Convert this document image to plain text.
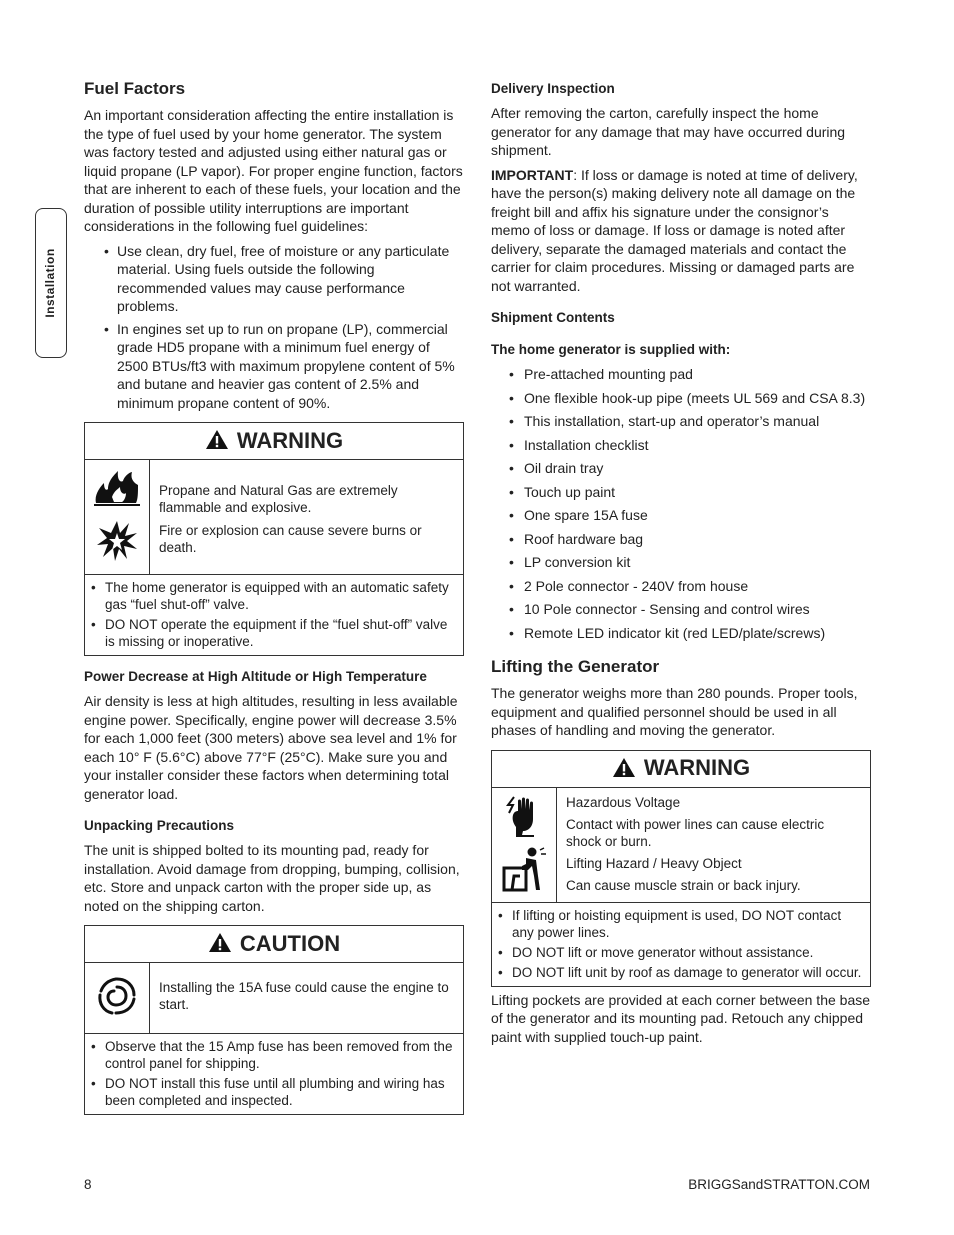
Installation
Fuel Factors

An important consideration affecting the entire installation is the type of fuel used by your home generator. The system was factory tested and adjusted using either natural gas or liquid propane (LP vapor). For proper engine function, factors that are inherent to each of these fuels, your location and the duration of possible utility interruptions are important considerations in the following fuel guidelines:

• Use clean, dry fuel, free of moisture or any particulate material. Using fuels outside the following recommended values may cause performance problems.
• In engines set up to run on propane (LP), commercial grade HD5 propane with a minimum fuel energy of 2500 BTUs/ft3 with maximum propylene content of 5% and butane and heavier gas content of 2.5% and minimum propane content of 90%.
WARNING

Propane and Natural Gas are extremely flammable and explosive.

Fire or explosion can cause severe burns or death.

• The home generator is equipped with an automatic safety gas “fuel shut-off” valve.
• DO NOT operate the equipment if the “fuel shut-off” valve is missing or inoperative.
Power Decrease at High Altitude or High Temperature

Air density is less at high altitudes, resulting in less available engine power. Specifically, engine power will decrease 3.5% for each 1,000 feet (300 meters) above sea level and 1% for each 10° F (5.6°C) above 77°F (25°C). Make sure you and your installer consider these factors when determining total generator load.

Unpacking Precautions

The unit is shipped bolted to its mounting pad, ready for installation. Avoid damage from dropping, bumping, collision, etc. Store and unpack carton with the proper side up, as noted on the shipping carton.

CAUTION

Installing the 15A fuse could cause the engine to start.

• Observe that the 15 Amp fuse has been removed from the control panel for shipping.
• DO NOT install this fuse until all plumbing and wiring has been completed and inspected.
Delivery Inspection

After removing the carton, carefully inspect the home generator for any damage that may have occurred during shipment.

IMPORTANT: If loss or damage is noted at time of delivery, have the person(s) making delivery note all damage on the freight bill and affix his signature under the consignor’s memo of loss or damage. If loss or damage is noted after delivery, separate the damaged materials and contact the carrier for claim procedures. Missing or damaged parts are not warranted.

Shipment Contents
The home generator is supplied with:
• Pre-attached mounting pad
• One flexible hook-up pipe (meets UL 569 and CSA 8.3)
• This installation, start-up and operator’s manual
• Installation checklist
• Oil drain tray
• Touch up paint
• One spare 15A fuse
• Roof hardware bag
• LP conversion kit
• 2 Pole connector - 240V from house
• 10 Pole connector - Sensing and control wires
• Remote LED indicator kit (red LED/plate/screws)
Lifting the Generator

The generator weighs more than 280 pounds. Proper tools, equipment and qualified personnel should be used in all phases of handling and moving the generator.

WARNING

Hazardous Voltage

Contact with power lines can cause electric shock or burn.

Lifting Hazard / Heavy Object

Can cause muscle strain or back injury.

• If lifting or hoisting equipment is used, DO NOT contact any power lines.
• DO NOT lift or move generator without assistance.
• DO NOT lift unit by roof as damage to generator will occur.

Lifting pockets are provided at each corner between the base of the generator and its mounting pad. Retouch any chipped paint with supplied touch-up paint.

8	BRIGGSandSTRATTON.COM
